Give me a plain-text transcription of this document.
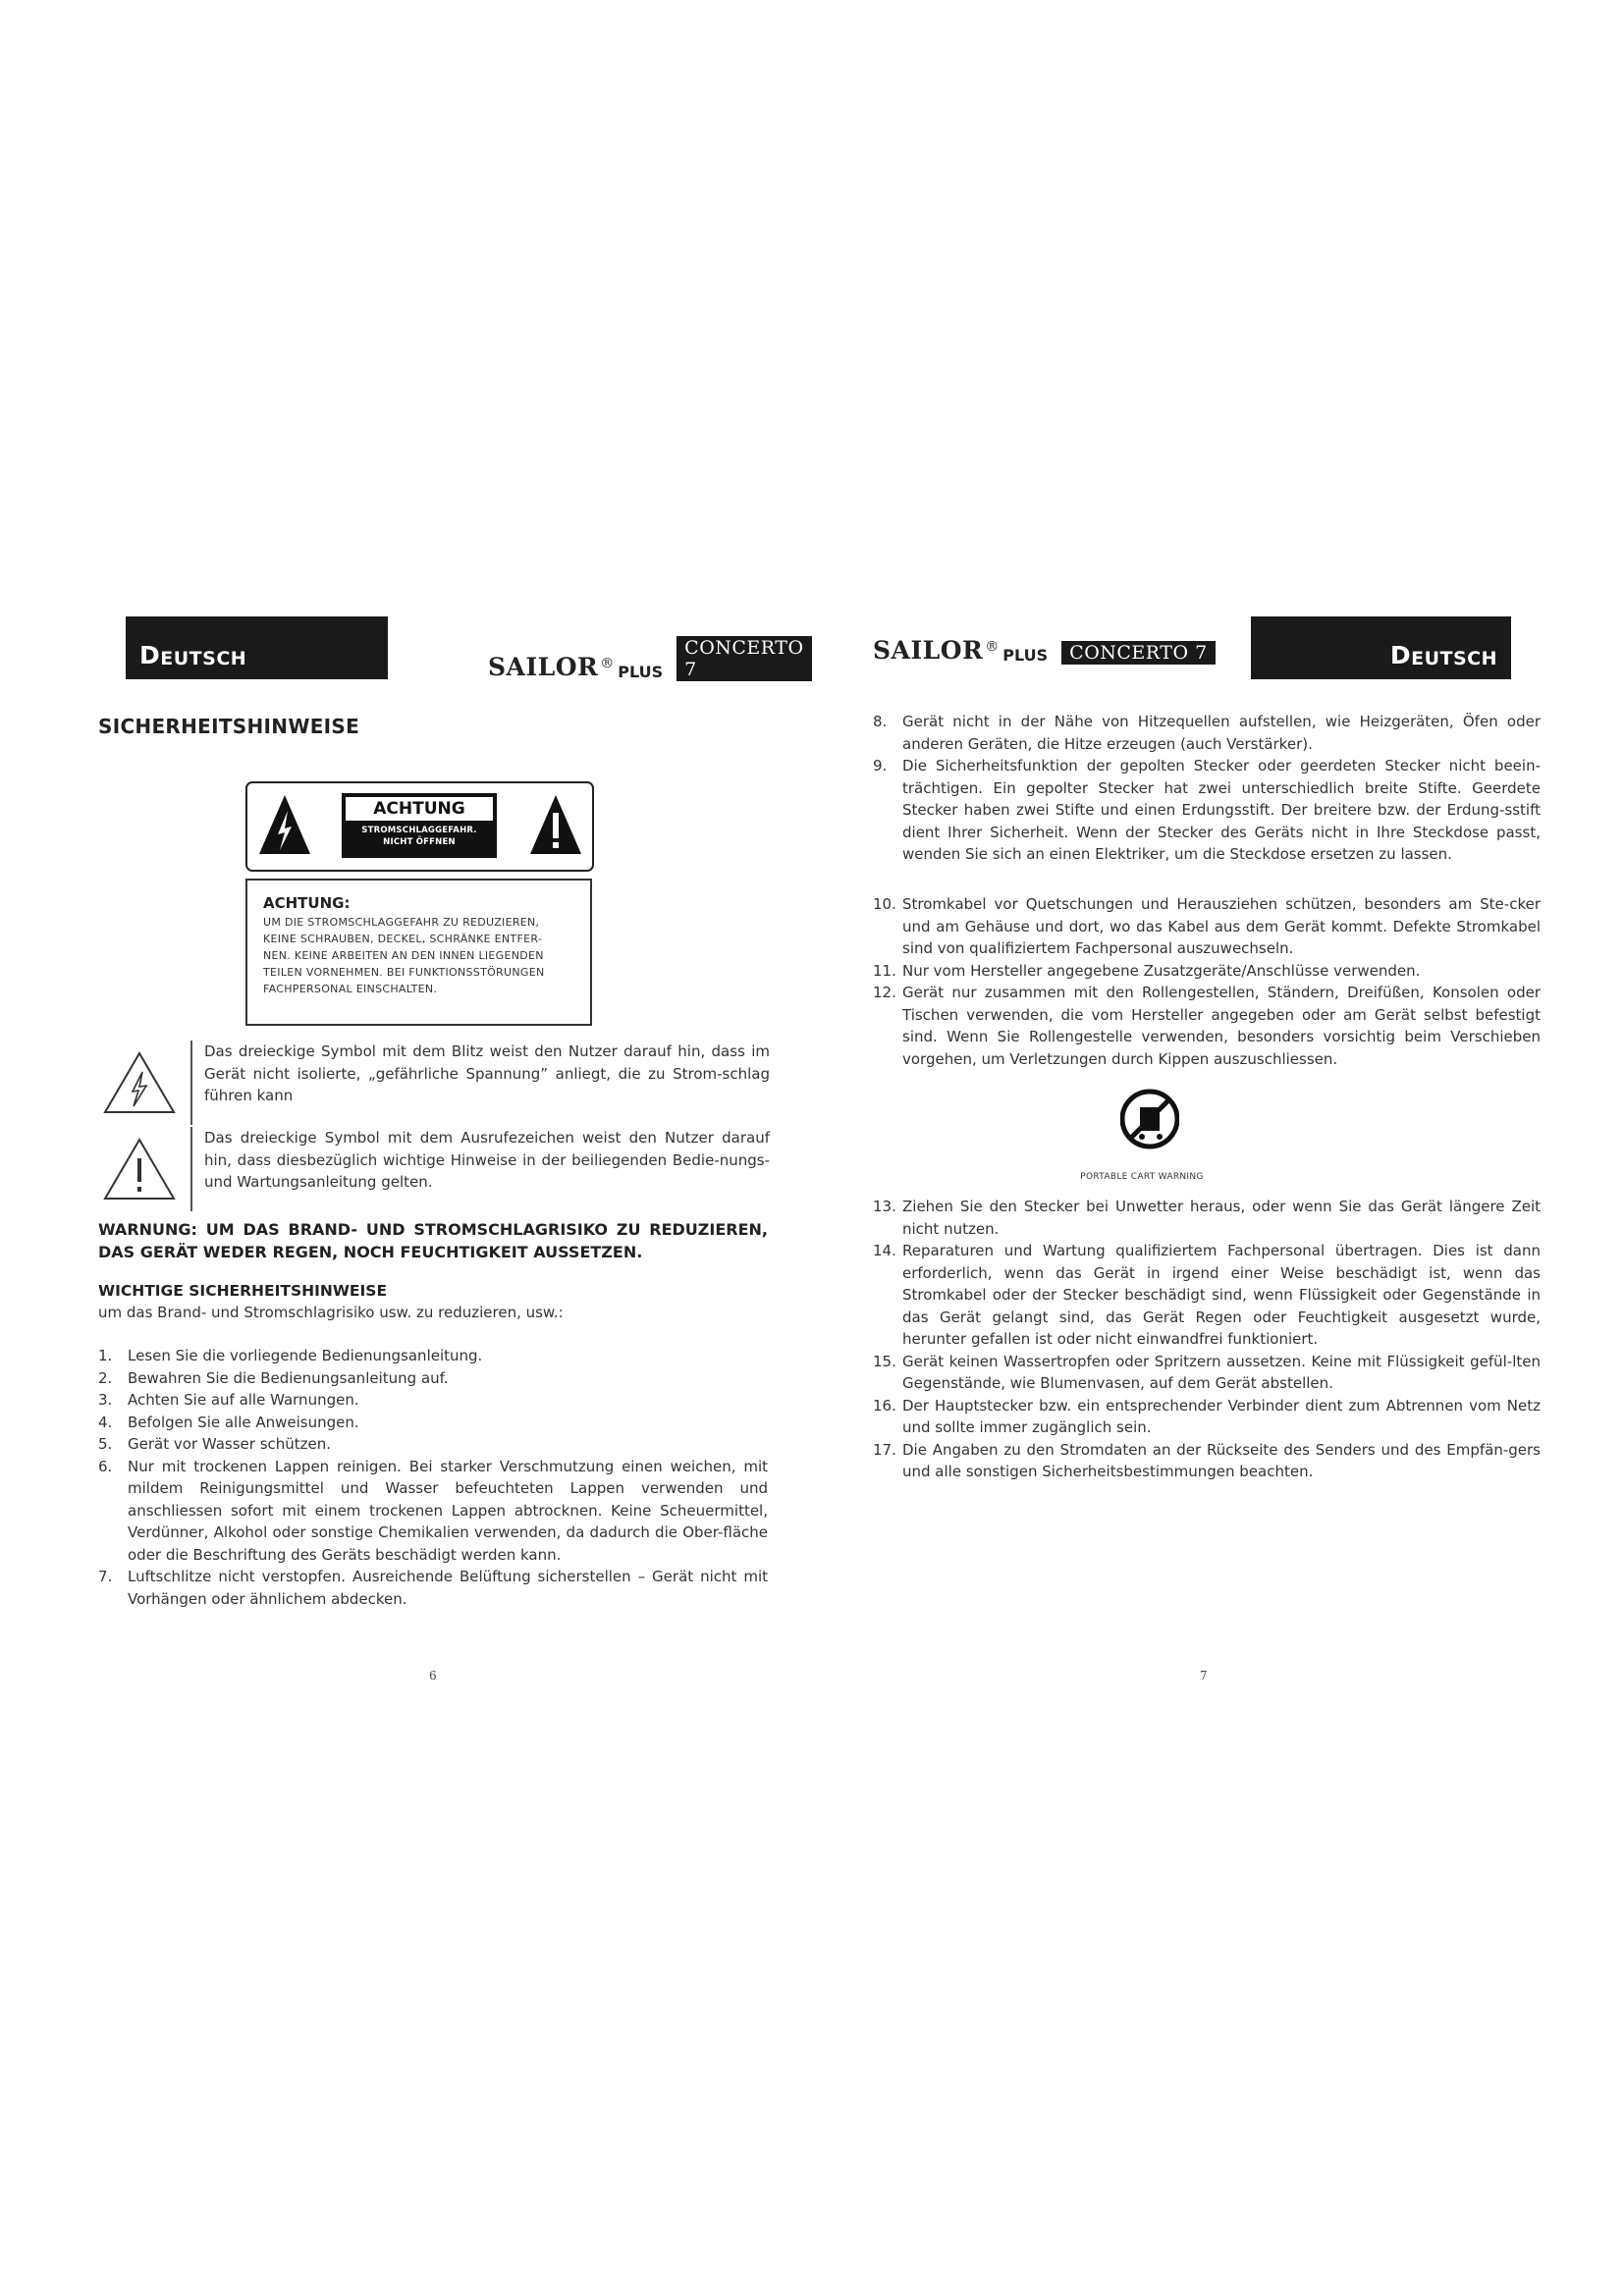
D EUTSCH	SAILOR ® PLUS
CONCERTO 7
SICHERHEITSHINWEISE
ACHTUNG
STROMSCHLAGGEFAHR.
NICHT ÖFFNEN
ACHTUNG:
UM DIE STROMSCHLAGGEFAHR ZU REDUZIEREN,
KEINE SCHRAUBEN, DECKEL, SCHRÄNKE ENTFER-
NEN. KEINE ARBEITEN AN DEN INNEN LIEGENDEN
TEILEN VORNEHMEN. BEI FUNKTIONSSTÖRUNGEN
FACHPERSONAL EINSCHALTEN.
Das dreieckige Symbol mit dem Blitz weist den Nutzer darauf hin, dass im Gerät nicht isolierte, „gefährliche Spannung” anliegt, die zu Strom-schlag führen kann
Das dreieckige Symbol mit dem Ausrufezeichen weist den Nutzer darauf hin, dass diesbezüglich wichtige Hinweise in der beiliegenden Bedie-nungs- und Wartungsanleitung gelten.
WARNUNG: UM DAS BRAND- UND STROMSCHLAGRISIKO ZU REDUZIEREN, DAS GERÄT WEDER REGEN, NOCH FEUCHTIGKEIT AUSSETZEN.
WICHTIGE SICHERHEITSHINWEISE
um das Brand- und Stromschlagrisiko usw. zu reduzieren, usw.:
1. Lesen Sie die vorliegende Bedienungsanleitung.
2. Bewahren Sie die Bedienungsanleitung auf.
3. Achten Sie auf alle Warnungen.
4. Befolgen Sie alle Anweisungen.
5. Gerät vor Wasser schützen.
6. Nur mit trockenen Lappen reinigen. Bei starker Verschmutzung einen weichen, mit mildem Reinigungsmittel und Wasser befeuchteten Lappen verwenden und anschliessen sofort mit einem trockenen Lappen abtrocknen. Keine Scheuermittel, Verdünner, Alkohol oder sonstige Chemikalien verwenden, da dadurch die Ober-fläche oder die Beschriftung des Geräts beschädigt werden kann.
7. Luftschlitze nicht verstopfen. Ausreichende Belüftung sicherstellen – Gerät nicht mit Vorhängen oder ähnlichem abdecken.
6
SAILOR ® PLUS	CONCERTO 7	D EUTSCH
8. Gerät nicht in der Nähe von Hitzequellen aufstellen, wie Heizgeräten, Öfen oder anderen Geräten, die Hitze erzeugen (auch Verstärker).
9. Die Sicherheitsfunktion der gepolten Stecker oder geerdeten Stecker nicht beein-trächtigen. Ein gepolter Stecker hat zwei unterschiedlich breite Stifte. Geerdete Stecker haben zwei Stifte und einen Erdungsstift. Der breitere bzw. der Erdung-sstift dient Ihrer Sicherheit. Wenn der Stecker des Geräts nicht in Ihre Steckdose passt, wenden Sie sich an einen Elektriker, um die Steckdose ersetzen zu lassen.
10. Stromkabel vor Quetschungen und Herausziehen schützen, besonders am Ste-cker und am Gehäuse und dort, wo das Kabel aus dem Gerät kommt. Defekte Stromkabel sind von qualifiziertem Fachpersonal auszuwechseln.
11. Nur vom Hersteller angegebene Zusatzgeräte/Anschlüsse verwenden.
12. Gerät nur zusammen mit den Rollengestellen, Ständern, Dreifüßen, Konsolen oder Tischen verwenden, die vom Hersteller angegeben oder am Gerät selbst befestigt sind. Wenn Sie Rollengestelle verwenden, besonders vorsichtig beim Verschieben vorgehen, um Verletzungen durch Kippen auszuschliessen.
PORTABLE CART WARNING
13. Ziehen Sie den Stecker bei Unwetter heraus, oder wenn Sie das Gerät längere Zeit nicht nutzen.
14. Reparaturen und Wartung qualifiziertem Fachpersonal übertragen. Dies ist dann erforderlich, wenn das Gerät in irgend einer Weise beschädigt ist, wenn das Stromkabel oder der Stecker beschädigt sind, wenn Flüssigkeit oder Gegenstände in das Gerät gelangt sind, das Gerät Regen oder Feuchtigkeit ausgesetzt wurde, herunter gefallen ist oder nicht einwandfrei funktioniert.
15. Gerät keinen Wassertropfen oder Spritzern aussetzen. Keine mit Flüssigkeit gefül-lten Gegenstände, wie Blumenvasen, auf dem Gerät abstellen.
16. Der Hauptstecker bzw. ein entsprechender Verbinder dient zum Abtrennen vom Netz und sollte immer zugänglich sein.
17. Die Angaben zu den Stromdaten an der Rückseite des Senders und des Empfän-gers und alle sonstigen Sicherheitsbestimmungen beachten.
7
